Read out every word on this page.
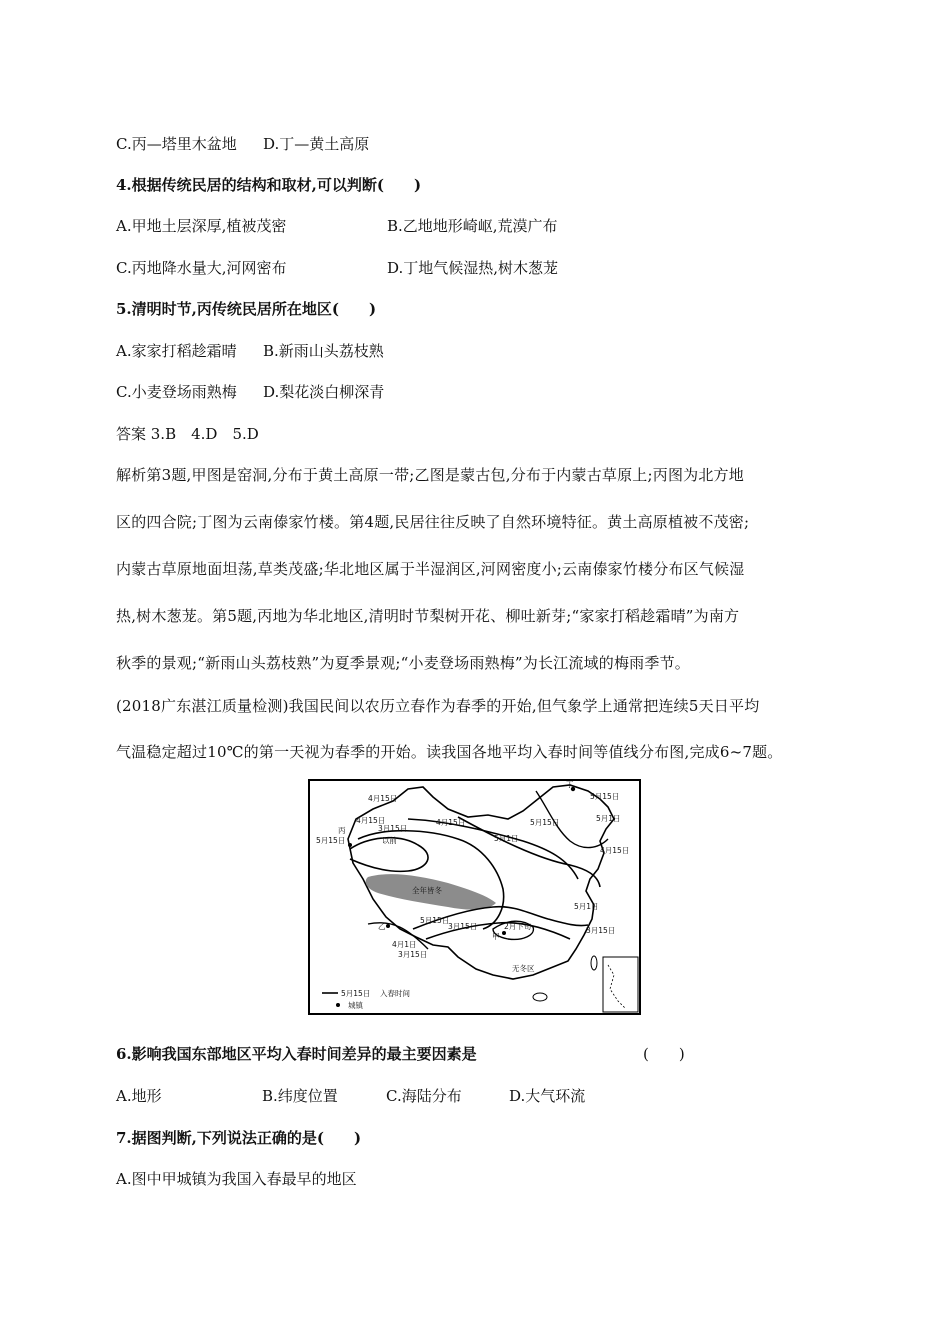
C.丙—塔里木盆地 D.丁—黄土高原
4.根据传统民居的结构和取材,可以判断(　　)
A.甲地土层深厚,植被茂密	B.乙地地形崎岖,荒漠广布
C.丙地降水量大,河网密布	D.丁地气候湿热,树木葱茏
5.清明时节,丙传统民居所在地区(　　)
A.家家打稻趁霜晴 B.新雨山头荔枝熟
C.小麦登场雨熟梅 D.梨花淡白柳深青
答案 3.B　4.D　5.D
解析第3题,甲图是窑洞,分布于黄土高原一带;乙图是蒙古包,分布于内蒙古草原上;丙图为北方地
区的四合院;丁图为云南傣家竹楼。第4题,民居往往反映了自然环境特征。黄土高原植被不茂密;
内蒙古草原地面坦荡,草类茂盛;华北地区属于半湿润区,河网密度小;云南傣家竹楼分布区气候湿
热,树木葱茏。第5题,丙地为华北地区,清明时节梨树开花、柳吐新芽;“家家打稻趁霜晴”为南方
秋季的景观;“新雨山头荔枝熟”为夏季景观;“小麦登场雨熟梅”为长江流域的梅雨季节。
(2018广东湛江质量检测)我国民间以农历立春作为春季的开始,但气象学上通常把连续5天日平均
气温稳定超过10℃的第一天视为春季的开始。读我国各地平均入春时间等值线分布图,完成6~7题。
4月15日
4月15日
5月15日
丙	3月15日
以前
4月15日
5月1日
5月15日
丁
5月15日
5月1日
4月15日
全年皆冬
5月15日
3月15日
乙
4月1日
3月15日
2月下旬
甲
5月1日
3月15日
无冬区
5月15日 入春时间
城镇
6.影响我国东部地区平均入春时间差异的最主要因素是	(　　)
A.地形	B.纬度位置	C.海陆分布	D.大气环流
7.据图判断,下列说法正确的是(　　)
A.图中甲城镇为我国入春最早的地区
